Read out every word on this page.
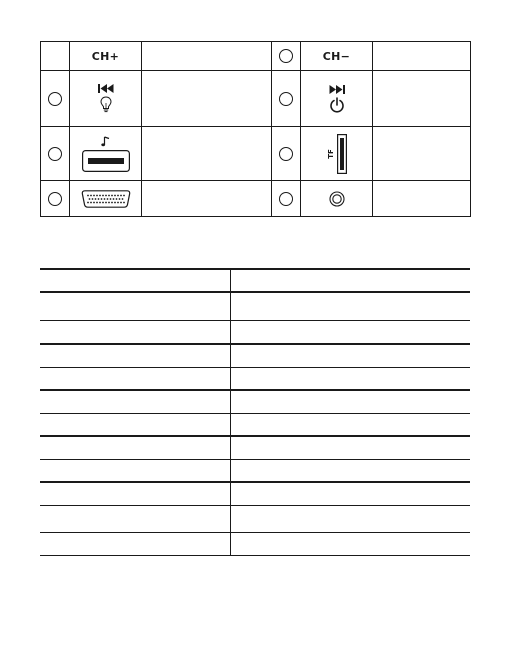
CH+	CH−
TF
